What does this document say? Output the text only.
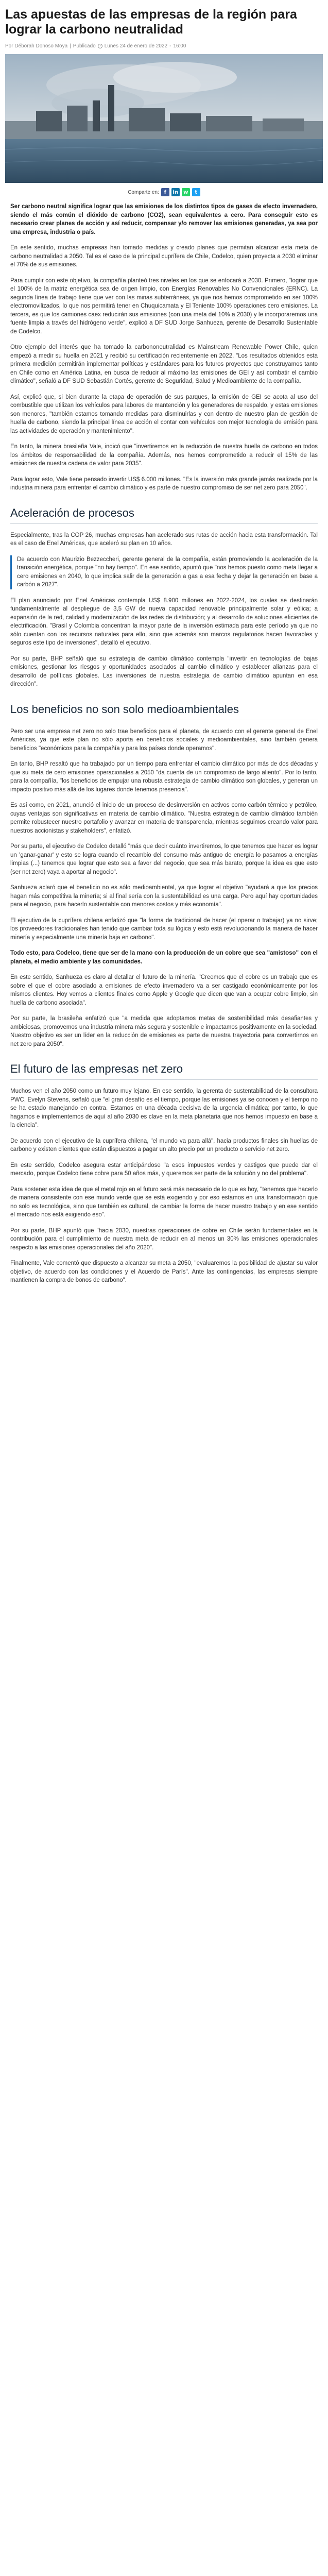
Las apuestas de las empresas de la región para lograr la carbono neutralidad
Por Déborah Donoso Moya | Publicado Lunes 24 de enero de 2022 - 16:00
Comparte en: f	in	w	t

Ser carbono neutral significa lograr que las emisiones de los distintos tipos de gases de efecto invernadero, siendo el más común el dióxido de carbono (CO2), sean equivalentes a cero. Para conseguir esto es necesario crear planes de acción y así reducir, compensar y/o remover las emisiones generadas, ya sea por una empresa, industria o país.

En este sentido, muchas empresas han tomado medidas y creado planes que permitan alcanzar esta meta de carbono neutralidad a 2050. Tal es el caso de la principal cuprífera de Chile, Codelco, quien proyecta a 2030 eliminar el 70% de sus emisiones.

Para cumplir con este objetivo, la compañía planteó tres niveles en los que se enfocará a 2030. Primero, "lograr que el 100% de la matriz energética sea de origen limpio, con Energías Renovables No Convencionales (ERNC). La segunda línea de trabajo tiene que ver con las minas subterráneas, ya que nos hemos comprometido en ser 100% electromovilizados, lo que nos permitirá tener en Chuquicamata y El Teniente 100% operaciones cero emisiones. La tercera, es que los camiones caex reducirán sus emisiones (con una meta del 10% a 2030) y le incorporaremos una fuente limpia a través del hidrógeno verde", explicó a DF SUD Jorge Sanhueza, gerente de Desarrollo Sustentable de Codelco.

Otro ejemplo del interés que ha tomado la carbononeutralidad es Mainstream Renewable Power Chile, quien empezó a medir su huella en 2021 y recibió su certificación recientemente en 2022. "Los resultados obtenidos esta primera medición permitirán implementar políticas y estándares para los futuros proyectos que construyamos tanto en Chile como en América Latina, en busca de reducir al máximo las emisiones de GEI y así combatir el cambio climático", señaló a DF SUD Sebastián Cortés, gerente de Seguridad, Salud y Medioambiente de la compañía.

Así, explicó que, si bien durante la etapa de operación de sus parques, la emisión de GEI se acota al uso del combustible que utilizan los vehículos para labores de mantención y los generadores de respaldo, y estas emisiones son menores, "también estamos tomando medidas para disminuirlas y con dentro de nuestro plan de gestión de huella de carbono, siendo la principal línea de acción el contar con vehículos con mejor tecnología de emisión para las actividades de operación y mantenimiento".

En tanto, la minera brasileña Vale, indicó que "invertiremos en la reducción de nuestra huella de carbono en todos los ámbitos de responsabilidad de la compañía. Además, nos hemos comprometido a reducir el 15% de las emisiones de nuestra cadena de valor para 2035".

Para lograr esto, Vale tiene pensado invertir US$ 6.000 millones. "Es la inversión más grande jamás realizada por la industria minera para enfrentar el cambio climático y es parte de nuestro compromiso de ser net zero para 2050".

Aceleración de procesos

Especialmente, tras la COP 26, muchas empresas han acelerado sus rutas de acción hacia esta transformación. Tal es el caso de Enel Américas, que aceleró su plan en 10 años.

De acuerdo con Maurizio Bezzeccheri, gerente general de la compañía, están promoviendo la aceleración de la transición energética, porque "no hay tiempo". En ese sentido, apuntó que "nos hemos puesto como meta llegar a cero emisiones en 2040, lo que implica salir de la generación a gas a esa fecha y dejar la generación en base a carbón a 2027".

El plan anunciado por Enel Américas contempla US$ 8.900 millones en 2022-2024, los cuales se destinarán fundamentalmente al despliegue de 3,5 GW de nueva capacidad renovable principalmente solar y eólica; a expansión de la red, calidad y modernización de las redes de distribución; y al desarrollo de soluciones eficientes de electrificación. "Brasil y Colombia concentran la mayor parte de la inversión estimada para este período ya que no sólo cuentan con los recursos naturales para ello, sino que además son marcos regulatorios hacen favorables y seguros este tipo de inversiones", detalló el ejecutivo.

Por su parte, BHP señaló que su estrategia de cambio climático contempla "invertir en tecnologías de bajas emisiones, gestionar los riesgos y oportunidades asociados al cambio climático y establecer alianzas para el desarrollo de políticas globales. Las inversiones de nuestra estrategia de cambio climático apuntan en esa dirección".

Los beneficios no son solo medioambientales

Pero ser una empresa net zero no solo trae beneficios para el planeta, de acuerdo con el gerente general de Enel Américas, ya que este plan no sólo aporta en beneficios sociales y medioambientales, sino también genera beneficios "económicos para la compañía y para los países donde operamos".

En tanto, BHP resaltó que ha trabajado por un tiempo para enfrentar el cambio climático por más de dos décadas y que su meta de cero emisiones operacionales a 2050 "da cuenta de un compromiso de largo aliento". Por lo tanto, para la compañía, "los beneficios de empujar una robusta estrategia de cambio climático son globales, y generan un impacto positivo más allá de los lugares donde tenemos presencia".

Es así como, en 2021, anunció el inicio de un proceso de desinversión en activos como carbón térmico y petróleo, cuyas ventajas son significativas en materia de cambio climático. "Nuestra estrategia de cambio climático también permite robustecer nuestro portafolio y avanzar en materia de transparencia, mientras seguimos creando valor para nuestros accionistas y stakeholders", enfatizó.

Por su parte, el ejecutivo de Codelco detalló "más que decir cuánto invertiremos, lo que tenemos que hacer es lograr un 'ganar-ganar' y esto se logra cuando el recambio del consumo más antiguo de energía lo pasamos a energías limpias (...) tenemos que lograr que esto sea a favor del negocio, que sea más barato, porque la idea es que esto (ser net zero) vaya a aportar al negocio".

Sanhueza aclaró que el beneficio no es sólo medioambiental, ya que lograr el objetivo "ayudará a que los precios hagan más competitiva la minería; si al final sería con la sustentabilidad es una carga. Pero aquí hay oportunidades para el negocio, para hacerlo sustentable con menores costos y más economía".

El ejecutivo de la cuprífera chilena enfatizó que "la forma de tradicional de hacer (el operar o trabajar) ya no sirve; los proveedores tradicionales han tenido que cambiar toda su lógica y esto está revolucionando la manera de hacer minería y especialmente una minería baja en carbono".

Todo esto, para Codelco, tiene que ser de la mano con la producción de un cobre que sea "amistoso" con el planeta, el medio ambiente y las comunidades.

En este sentido, Sanhueza es claro al detallar el futuro de la minería. "Creemos que el cobre es un trabajo que es sobre el que el cobre asociado a emisiones de efecto invernadero va a ser castigado económicamente por los mismos clientes. Hoy vemos a clientes finales como Apple y Google que dicen que van a ocupar cobre limpio, sin huella de carbono asociada".

Por su parte, la brasileña enfatizó que "a medida que adoptamos metas de sostenibilidad más desafiantes y ambiciosas, promovemos una industria minera más segura y sostenible e impactamos positivamente en la sociedad. Nuestro objetivo es ser un líder en la reducción de emisiones es parte de nuestra trayectoria para convertirnos en net zero para 2050".

El futuro de las empresas net zero

Muchos ven el año 2050 como un futuro muy lejano. En ese sentido, la gerenta de sustentabilidad de la consultora PWC, Evelyn Stevens, señaló que "el gran desafío es el tiempo, porque las emisiones ya se conocen y el tiempo no se ha estado manejando en contra. Estamos en una década decisiva de la urgencia climática; por tanto, lo que hagamos e implementemos de aquí al año 2030 es clave en la meta planetaria que nos hemos impuesto en base a la ciencia".

De acuerdo con el ejecutivo de la cuprífera chilena, "el mundo va para allá", hacia productos finales sin huellas de carbono y existen clientes que están dispuestos a pagar un alto precio por un producto o servicio net zero.

En este sentido, Codelco asegura estar anticipándose "a esos impuestos verdes y castigos que puede dar el mercado, porque Codelco tiene cobre para 50 años más, y queremos ser parte de la solución y no del problema".

Para sostener esta idea de que el metal rojo en el futuro será más necesario de lo que es hoy, "tenemos que hacerlo de manera consistente con ese mundo verde que se está exigiendo y por eso estamos en una transformación que no solo es tecnológica, sino que también es cultural, de cambiar la forma de hacer nuestro trabajo y en ese sentido el mercado nos está exigiendo eso".

Por su parte, BHP apuntó que "hacia 2030, nuestras operaciones de cobre en Chile serán fundamentales en la contribución para el cumplimiento de nuestra meta de reducir en al menos un 30% las emisiones operacionales respecto a las emisiones operacionales del año 2020".

Finalmente, Vale comentó que dispuesto a alcanzar su meta a 2050, "evaluaremos la posibilidad de ajustar su valor objetivo, de acuerdo con las condiciones y el Acuerdo de París". Ante las contingencias, las empresas siempre mantienen la compra de bonos de carbono".
